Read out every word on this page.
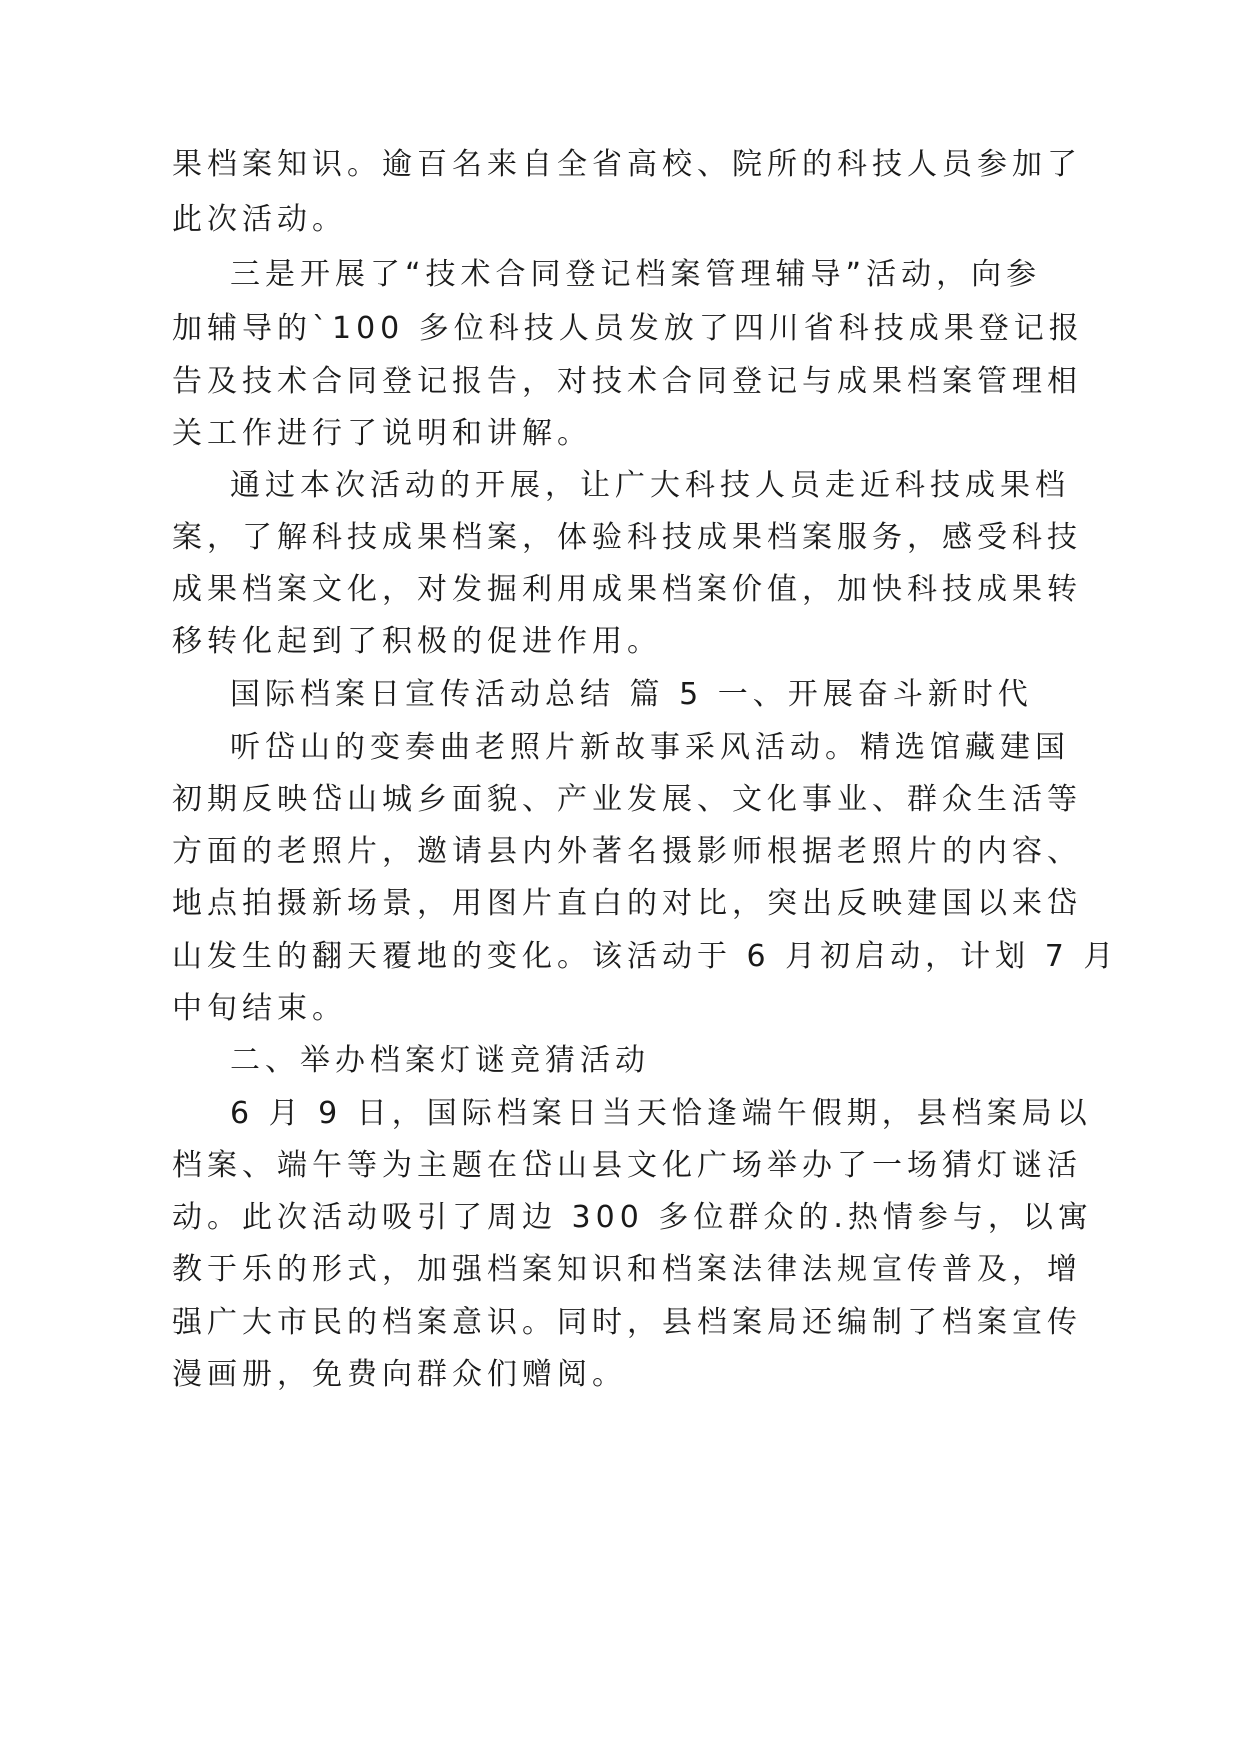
果档案知识。逾百名来自全省高校、院所的科技人员参加了
此次活动。
三是开展了“技术合同登记档案管理辅导”活动，向参
加辅导的`100 多位科技人员发放了四川省科技成果登记报
告及技术合同登记报告，对技术合同登记与成果档案管理相
关工作进行了说明和讲解。
通过本次活动的开展，让广大科技人员走近科技成果档
案，了解科技成果档案，体验科技成果档案服务，感受科技
成果档案文化，对发掘利用成果档案价值，加快科技成果转
移转化起到了积极的促进作用。
国际档案日宣传活动总结 篇 5 一、开展奋斗新时代
听岱山的变奏曲老照片新故事采风活动。精选馆藏建国
初期反映岱山城乡面貌、产业发展、文化事业、群众生活等
方面的老照片，邀请县内外著名摄影师根据老照片的内容、
地点拍摄新场景，用图片直白的对比，突出反映建国以来岱
山发生的翻天覆地的变化。该活动于 6 月初启动，计划 7 月
中旬结束。
二、举办档案灯谜竞猜活动
6 月 9 日，国际档案日当天恰逢端午假期，县档案局以
档案、端午等为主题在岱山县文化广场举办了一场猜灯谜活
动。此次活动吸引了周边 300 多位群众的.热情参与，以寓
教于乐的形式，加强档案知识和档案法律法规宣传普及，增
强广大市民的档案意识。同时，县档案局还编制了档案宣传
漫画册，免费向群众们赠阅。
